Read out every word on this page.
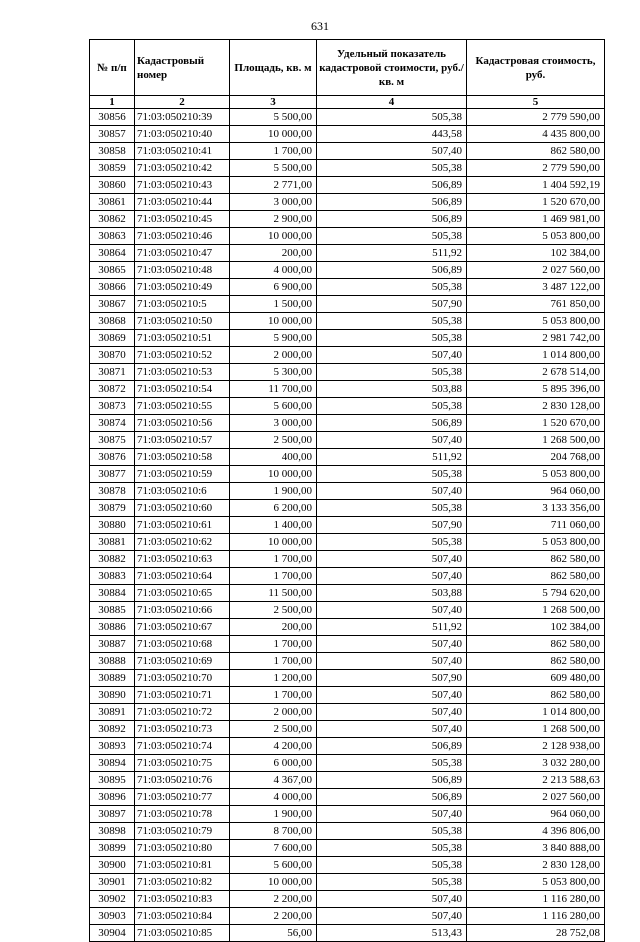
631
№ п/п	Кадастровый номер	Площадь, кв. м	Удельный показатель кадастровой стоимости, руб./кв. м	Кадастровая стоимость, руб.
1	2	3	4	5
30856	71:03:050210:39	5 500,00	505,38	2 779 590,00
30857	71:03:050210:40	10 000,00	443,58	4 435 800,00
30858	71:03:050210:41	1 700,00	507,40	862 580,00
30859	71:03:050210:42	5 500,00	505,38	2 779 590,00
30860	71:03:050210:43	2 771,00	506,89	1 404 592,19
30861	71:03:050210:44	3 000,00	506,89	1 520 670,00
30862	71:03:050210:45	2 900,00	506,89	1 469 981,00
30863	71:03:050210:46	10 000,00	505,38	5 053 800,00
30864	71:03:050210:47	200,00	511,92	102 384,00
30865	71:03:050210:48	4 000,00	506,89	2 027 560,00
30866	71:03:050210:49	6 900,00	505,38	3 487 122,00
30867	71:03:050210:5	1 500,00	507,90	761 850,00
30868	71:03:050210:50	10 000,00	505,38	5 053 800,00
30869	71:03:050210:51	5 900,00	505,38	2 981 742,00
30870	71:03:050210:52	2 000,00	507,40	1 014 800,00
30871	71:03:050210:53	5 300,00	505,38	2 678 514,00
30872	71:03:050210:54	11 700,00	503,88	5 895 396,00
30873	71:03:050210:55	5 600,00	505,38	2 830 128,00
30874	71:03:050210:56	3 000,00	506,89	1 520 670,00
30875	71:03:050210:57	2 500,00	507,40	1 268 500,00
30876	71:03:050210:58	400,00	511,92	204 768,00
30877	71:03:050210:59	10 000,00	505,38	5 053 800,00
30878	71:03:050210:6	1 900,00	507,40	964 060,00
30879	71:03:050210:60	6 200,00	505,38	3 133 356,00
30880	71:03:050210:61	1 400,00	507,90	711 060,00
30881	71:03:050210:62	10 000,00	505,38	5 053 800,00
30882	71:03:050210:63	1 700,00	507,40	862 580,00
30883	71:03:050210:64	1 700,00	507,40	862 580,00
30884	71:03:050210:65	11 500,00	503,88	5 794 620,00
30885	71:03:050210:66	2 500,00	507,40	1 268 500,00
30886	71:03:050210:67	200,00	511,92	102 384,00
30887	71:03:050210:68	1 700,00	507,40	862 580,00
30888	71:03:050210:69	1 700,00	507,40	862 580,00
30889	71:03:050210:70	1 200,00	507,90	609 480,00
30890	71:03:050210:71	1 700,00	507,40	862 580,00
30891	71:03:050210:72	2 000,00	507,40	1 014 800,00
30892	71:03:050210:73	2 500,00	507,40	1 268 500,00
30893	71:03:050210:74	4 200,00	506,89	2 128 938,00
30894	71:03:050210:75	6 000,00	505,38	3 032 280,00
30895	71:03:050210:76	4 367,00	506,89	2 213 588,63
30896	71:03:050210:77	4 000,00	506,89	2 027 560,00
30897	71:03:050210:78	1 900,00	507,40	964 060,00
30898	71:03:050210:79	8 700,00	505,38	4 396 806,00
30899	71:03:050210:80	7 600,00	505,38	3 840 888,00
30900	71:03:050210:81	5 600,00	505,38	2 830 128,00
30901	71:03:050210:82	10 000,00	505,38	5 053 800,00
30902	71:03:050210:83	2 200,00	507,40	1 116 280,00
30903	71:03:050210:84	2 200,00	507,40	1 116 280,00
30904	71:03:050210:85	56,00	513,43	28 752,08
